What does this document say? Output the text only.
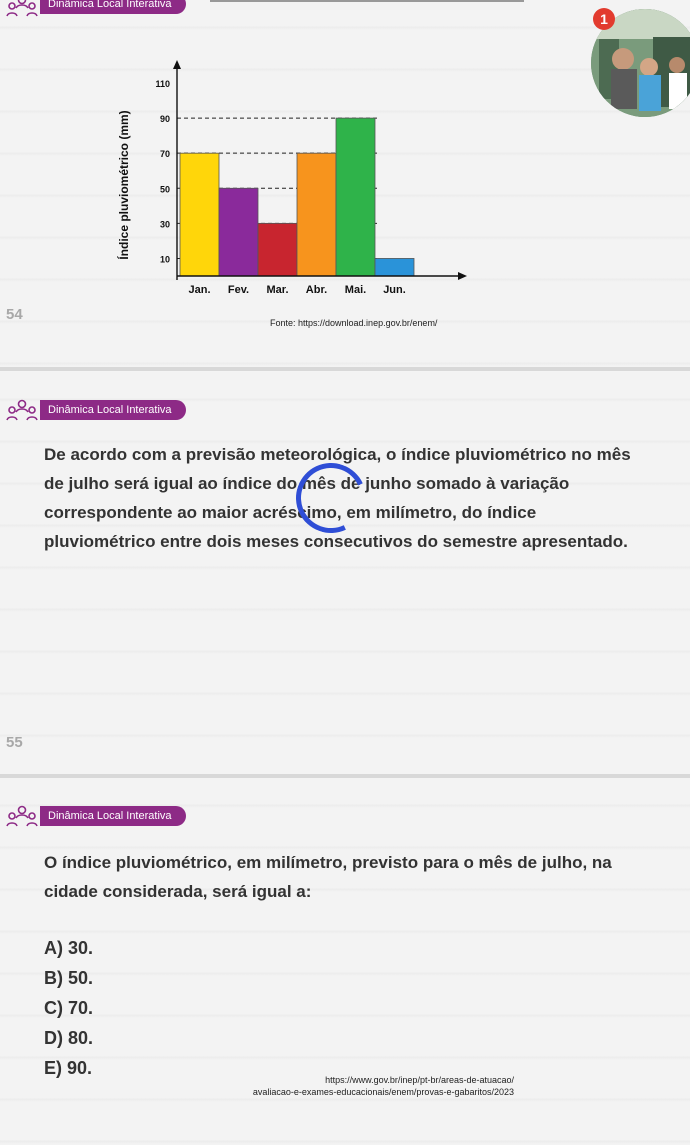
Dinâmica Local Interativa
1
10
30
50
70
90
110
Jan. Fev. Mar. Abr. Mai. Jun.
Índice pluviométrico (mm)
Fonte: https://download.inep.gov.br/enem/
54
Dinâmica Local Interativa

De acordo com a previsão meteorológica, o índice pluviométrico no mês de julho será igual ao índice do mês de junho somado à variação correspondente ao maior acréscimo, em milímetro, do índice pluviométrico entre dois meses consecutivos do semestre apresentado.

55
Dinâmica Local Interativa

O índice pluviométrico, em milímetro, previsto para o mês de julho, na cidade considerada, será igual a:

A) 30.
B) 50.
C) 70.
D) 80.
E) 90.
https://www.gov.br/inep/pt-br/areas-de-atuacao/
avaliacao-e-exames-educacionais/enem/provas-e-gabaritos/2023
